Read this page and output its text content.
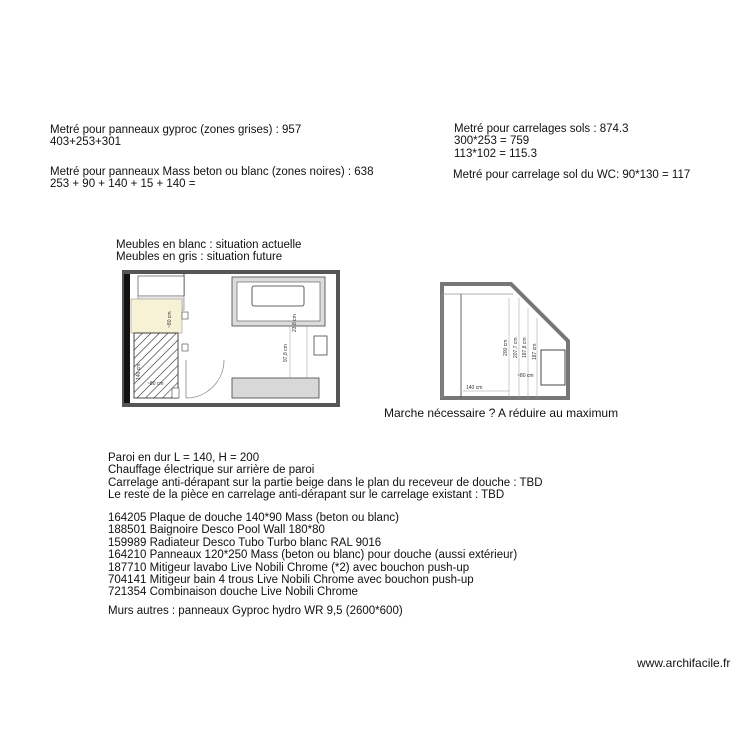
Metré pour panneaux gyproc (zones grises) : 957
403+253+301
Metré pour panneaux Mass beton ou blanc (zones noires) : 638
253 + 90 + 140 + 15 + 140 =
Metré pour carrelages sols : 874.3
300*253 = 759
113*102 = 115.3
Metré pour carrelage sol du WC: 90*130 = 117
Meubles en blanc : situation actuelle
Meubles en gris : situation future
~80 cm
140 cm
~80 cm
97,8 cm
23,8 cm
200 cm 207,7 cm 187,8 cm 187 cm
~80 cm
140 cm
Marche nécessaire ? A réduire au maximum
Paroi en dur L = 140, H = 200
Chauffage électrique sur arrière de paroi
Carrelage anti-dérapant sur la partie beige dans le plan du receveur de douche : TBD
Le reste de la pièce en carrelage anti-dérapant sur le carrelage existant : TBD
164205 Plaque de douche 140*90 Mass (beton ou blanc)
188501 Baignoire Desco Pool Wall 180*80
159989 Radiateur Desco Tubo Turbo blanc RAL 9016
164210 Panneaux 120*250 Mass (beton ou blanc) pour douche (aussi extérieur)
187710 Mitigeur lavabo Live Nobili Chrome (*2) avec bouchon push-up
704141 Mitigeur bain 4 trous Live Nobili Chrome avec bouchon push-up
721354 Combinaison douche Live Nobili Chrome
Murs autres : panneaux Gyproc hydro WR 9,5 (2600*600)
www.archifacile.fr
